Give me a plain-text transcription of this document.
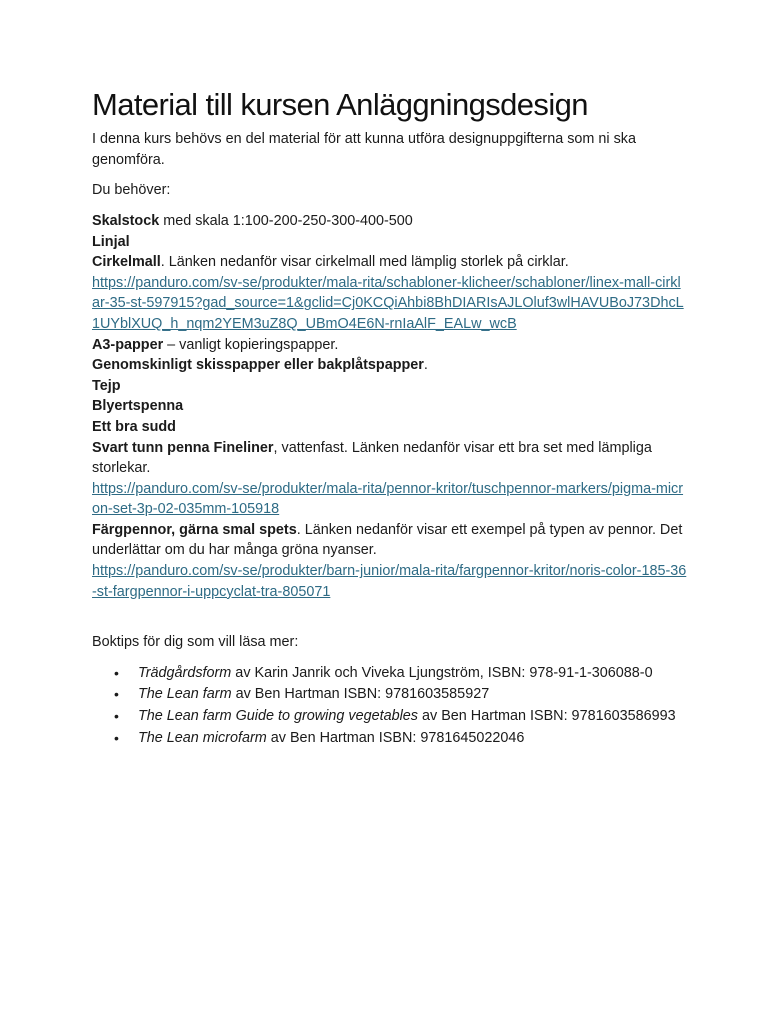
Material till kursen Anläggningsdesign

I denna kurs behövs en del material för att kunna utföra designuppgifterna som ni ska genomföra.

Du behöver:

Skalstock med skala 1:100-200-250-300-400-500
Linjal
Cirkelmall. Länken nedanför visar cirkelmall med lämplig storlek på cirklar.
https://panduro.com/sv-se/produkter/mala-rita/schabloner-klicheer/schabloner/linex-mall-cirklar-35-st-597915?gad_source=1&gclid=Cj0KCQiAhbi8BhDIARIsAJLOluf3wlHAVUBoJ73DhcL1UYblXUQ_h_nqm2YEM3uZ8Q_UBmO4E6N-rnIaAlF_EALw_wcB
A3-papper – vanligt kopieringspapper.
Genomskinligt skisspapper eller bakplåtspapper.
Tejp
Blyertspenna
Ett bra sudd
Svart tunn penna Fineliner, vattenfast. Länken nedanför visar ett bra set med lämpliga storlekar.
https://panduro.com/sv-se/produkter/mala-rita/pennor-kritor/tuschpennor-markers/pigma-micron-set-3p-02-035mm-105918
Färgpennor, gärna smal spets. Länken nedanför visar ett exempel på typen av pennor. Det underlättar om du har många gröna nyanser.
https://panduro.com/sv-se/produkter/barn-junior/mala-rita/fargpennor-kritor/noris-color-185-36-st-fargpennor-i-uppcyclat-tra-805071

Boktips för dig som vill läsa mer:

• Trädgårdsform av Karin Janrik och Viveka Ljungström, ISBN: 978-91-1-306088-0
• The Lean farm av Ben Hartman ISBN: 9781603585927
• The Lean farm Guide to growing vegetables av Ben Hartman ISBN: 9781603586993
• The Lean microfarm av Ben Hartman ISBN: 9781645022046
